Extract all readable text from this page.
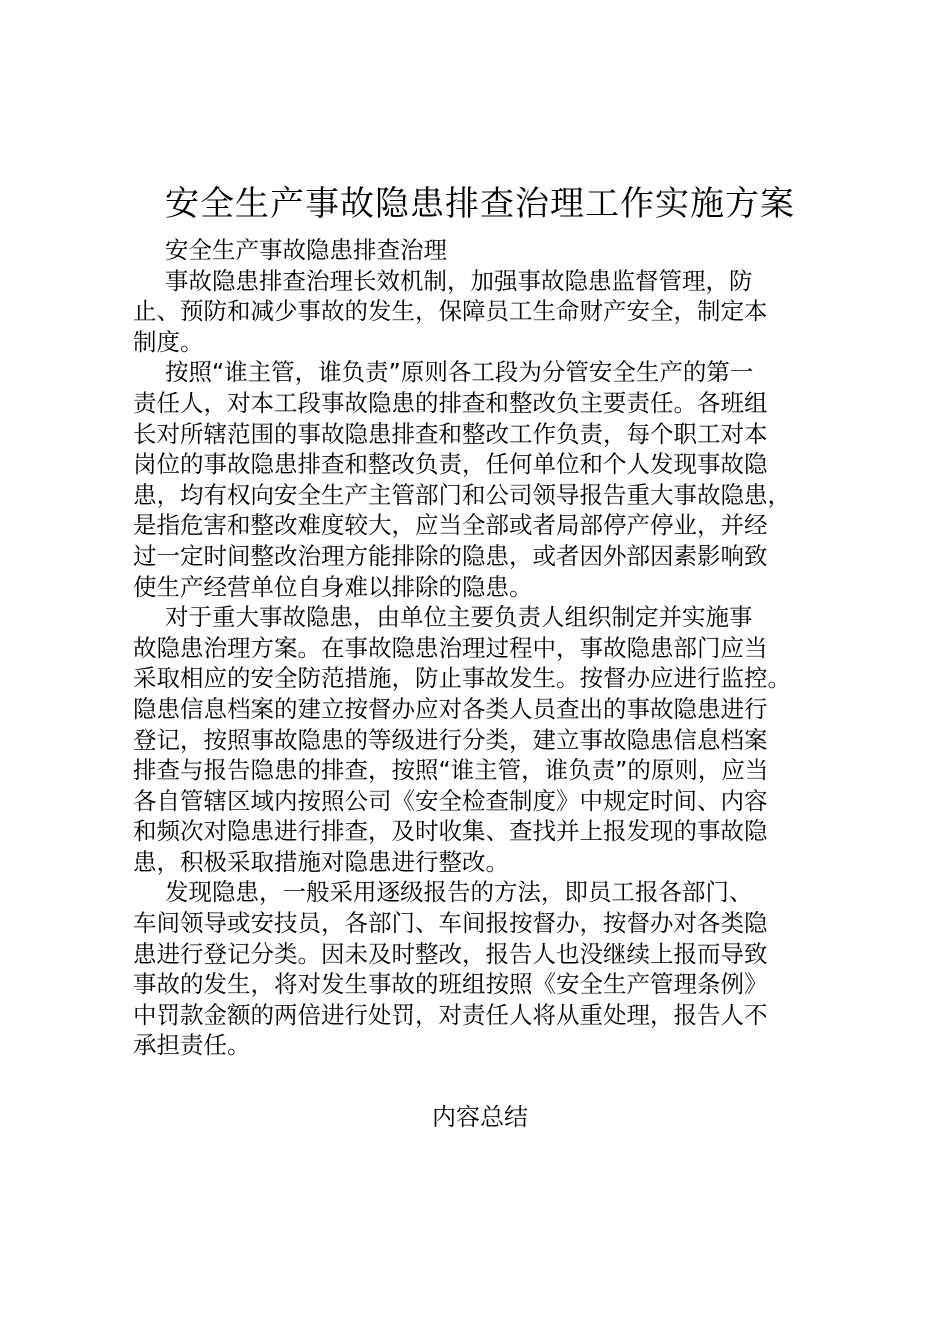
安全生产事故隐患排查治理工作实施方案
安全生产事故隐患排查治理
事故隐患排查治理长效机制，加强事故隐患监督管理，防
止、预防和减少事故的发生，保障员工生命财产安全，制定本
制度。
按照“谁主管，谁负责”原则各工段为分管安全生产的第一
责任人，对本工段事故隐患的排查和整改负主要责任。各班组
长对所辖范围的事故隐患排查和整改工作负责，每个职工对本
岗位的事故隐患排查和整改负责，任何单位和个人发现事故隐
患，均有权向安全生产主管部门和公司领导报告重大事故隐患，
是指危害和整改难度较大，应当全部或者局部停产停业，并经
过一定时间整改治理方能排除的隐患，或者因外部因素影响致
使生产经营单位自身难以排除的隐患。
对于重大事故隐患，由单位主要负责人组织制定并实施事
故隐患治理方案。在事故隐患治理过程中，事故隐患部门应当
采取相应的安全防范措施，防止事故发生。按督办应进行监控。
隐患信息档案的建立按督办应对各类人员查出的事故隐患进行
登记，按照事故隐患的等级进行分类，建立事故隐患信息档案
排查与报告隐患的排查，按照“谁主管，谁负责”的原则，应当
各自管辖区域内按照公司《安全检查制度》中规定时间、内容
和频次对隐患进行排查，及时收集、查找并上报发现的事故隐
患，积极采取措施对隐患进行整改。
发现隐患，一般采用逐级报告的方法，即员工报各部门、
车间领导或安技员，各部门、车间报按督办，按督办对各类隐
患进行登记分类。因未及时整改，报告人也没继续上报而导致
事故的发生，将对发生事故的班组按照《安全生产管理条例》
中罚款金额的两倍进行处罚，对责任人将从重处理，报告人不
承担责任。
内容总结
